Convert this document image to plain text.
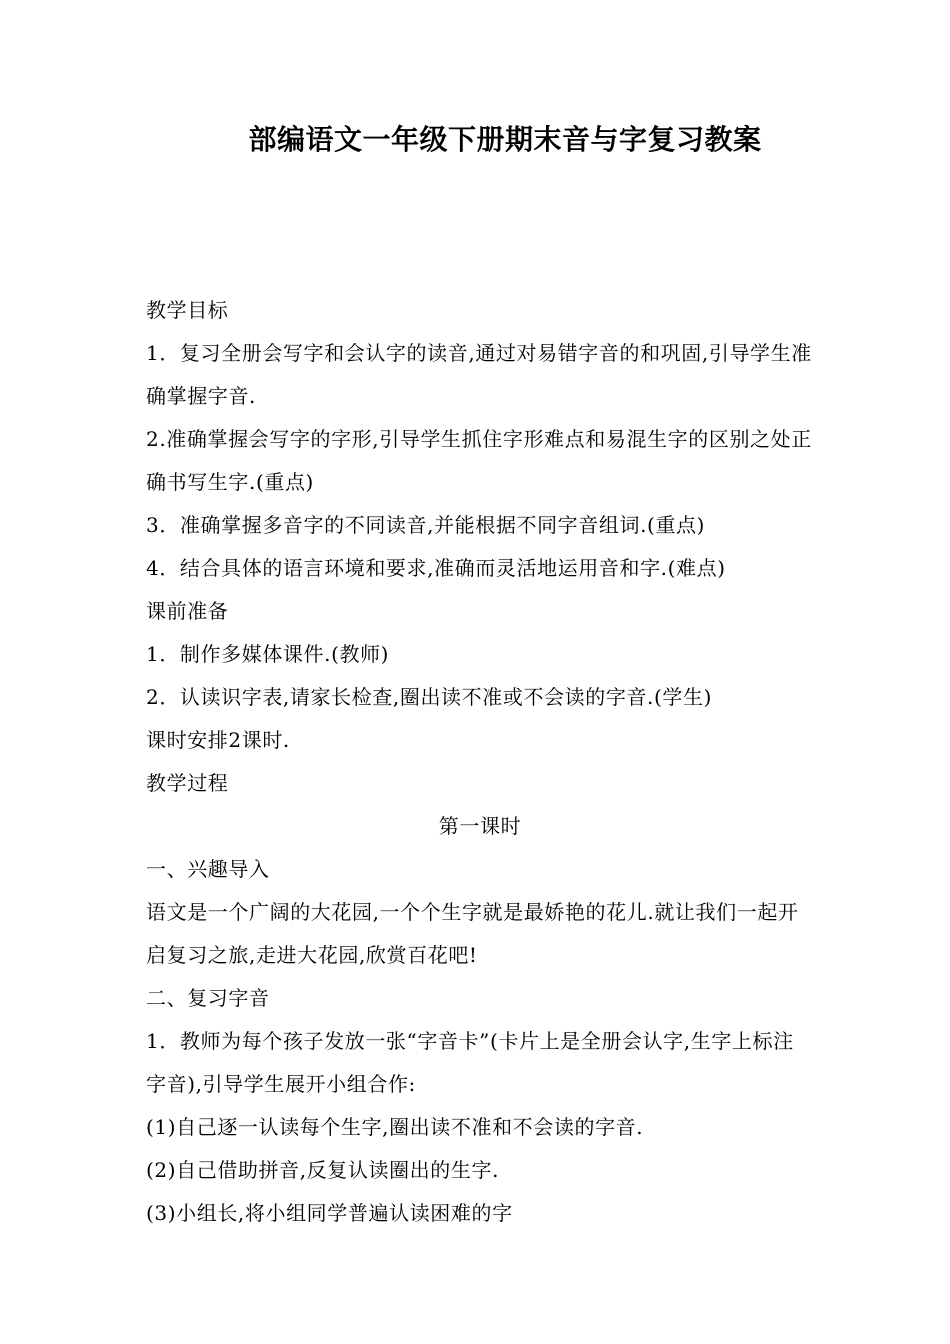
部编语文一年级下册期末音与字复习教案

教学目标

1．复习全册会写字和会认字的读音,通过对易错字音的和巩固,引导学生准确掌握字音.

2.准确掌握会写字的字形,引导学生抓住字形难点和易混生字的区别之处正确书写生字.(重点)

3．准确掌握多音字的不同读音,并能根据不同字音组词.(重点)

4．结合具体的语言环境和要求,准确而灵活地运用音和字.(难点)

课前准备

1．制作多媒体课件.(教师)

2．认读识字表,请家长检查,圈出读不准或不会读的字音.(学生)

课时安排2课时.

教学过程

第一课时

一、兴趣导入

语文是一个广阔的大花园,一个个生字就是最娇艳的花儿.就让我们一起开启复习之旅,走进大花园,欣赏百花吧!

二、复习字音

1．教师为每个孩子发放一张“字音卡”(卡片上是全册会认字,生字上标注字音),引导学生展开小组合作:

(1)自己逐一认读每个生字,圈出读不准和不会读的字音.

(2)自己借助拼音,反复认读圈出的生字.

(3)小组长,将小组同学普遍认读困难的字
